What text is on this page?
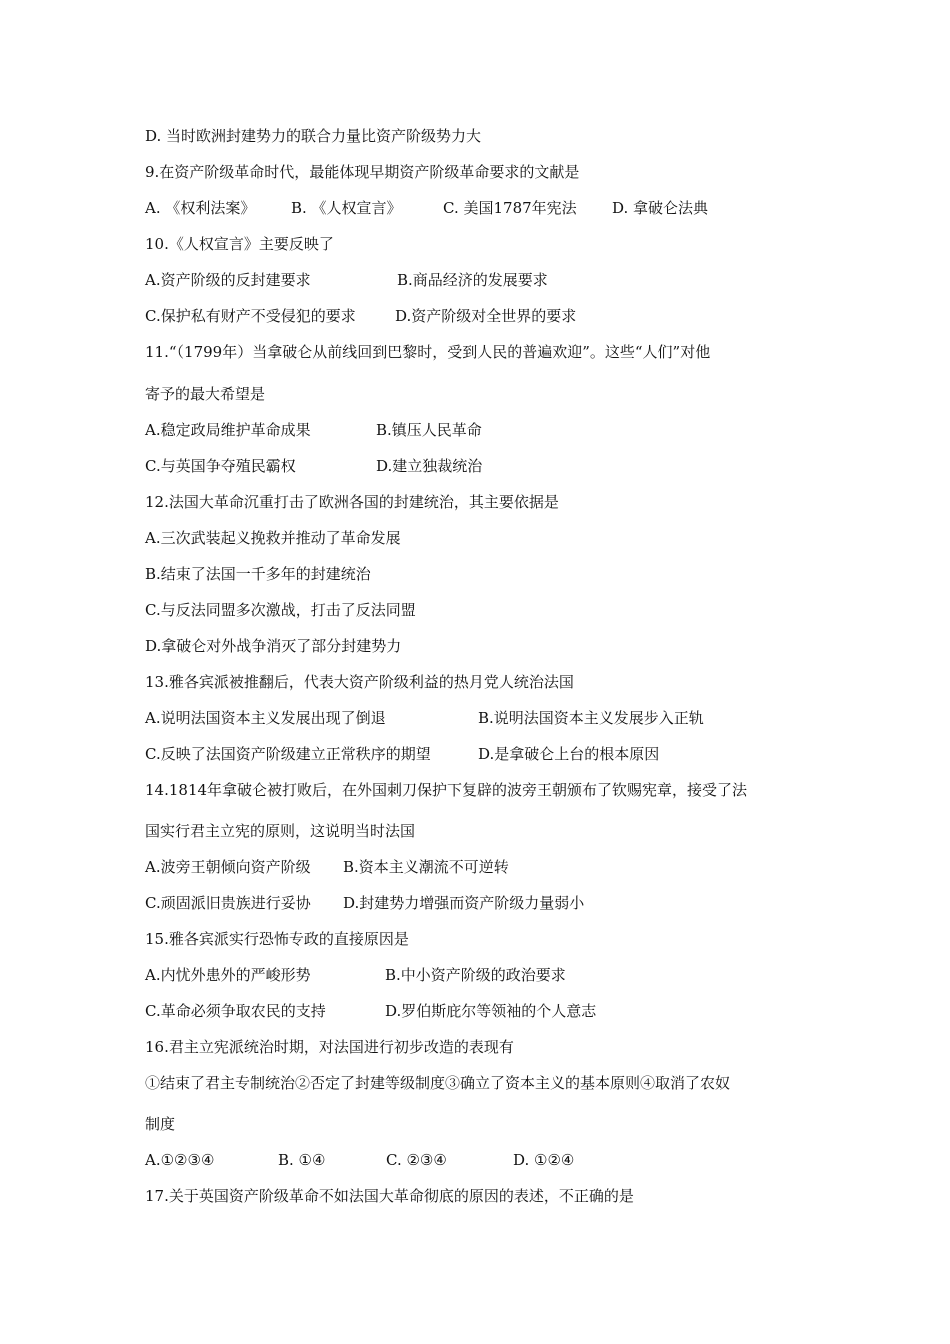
D. 当时欧洲封建势力的联合力量比资产阶级势力大
9.在资产阶级革命时代，最能体现早期资产阶级革命要求的文献是
A. 《权利法案》 B. 《人权宣言》	C. 美国1787年宪法 D. 拿破仑法典
10.《人权宣言》主要反映了
A.资产阶级的反封建要求	B.商品经济的发展要求
C.保护私有财产不受侵犯的要求	D.资产阶级对全世界的要求
11.“（1799年）当拿破仑从前线回到巴黎时，受到人民的普遍欢迎”。这些“人们”对他
寄予的最大希望是
A.稳定政局维护革命成果	B.镇压人民革命
C.与英国争夺殖民霸权	D.建立独裁统治
12.法国大革命沉重打击了欧洲各国的封建统治，其主要依据是
A.三次武装起义挽救并推动了革命发展
B.结束了法国一千多年的封建统治
C.与反法同盟多次激战，打击了反法同盟
D.拿破仑对外战争消灭了部分封建势力
13.雅各宾派被推翻后，代表大资产阶级利益的热月党人统治法国
A.说明法国资本主义发展出现了倒退	B.说明法国资本主义发展步入正轨
C.反映了法国资产阶级建立正常秩序的期望	D.是拿破仑上台的根本原因
14.1814年拿破仑被打败后，在外国刺刀保护下复辟的波旁王朝颁布了钦赐宪章，接受了法
国实行君主立宪的原则，这说明当时法国
A.波旁王朝倾向资产阶级 B.资本主义潮流不可逆转
C.顽固派旧贵族进行妥协 D.封建势力增强而资产阶级力量弱小
15.雅各宾派实行恐怖专政的直接原因是
A.内忧外患外的严峻形势	B.中小资产阶级的政治要求
C.革命必须争取农民的支持	D.罗伯斯庇尔等领袖的个人意志
16.君主立宪派统治时期，对法国进行初步改造的表现有
①结束了君主专制统治②否定了封建等级制度③确立了资本主义的基本原则④取消了农奴
制度
A.①②③④	B. ①④	C. ②③④	D. ①②④
17.关于英国资产阶级革命不如法国大革命彻底的原因的表述，不正确的是
